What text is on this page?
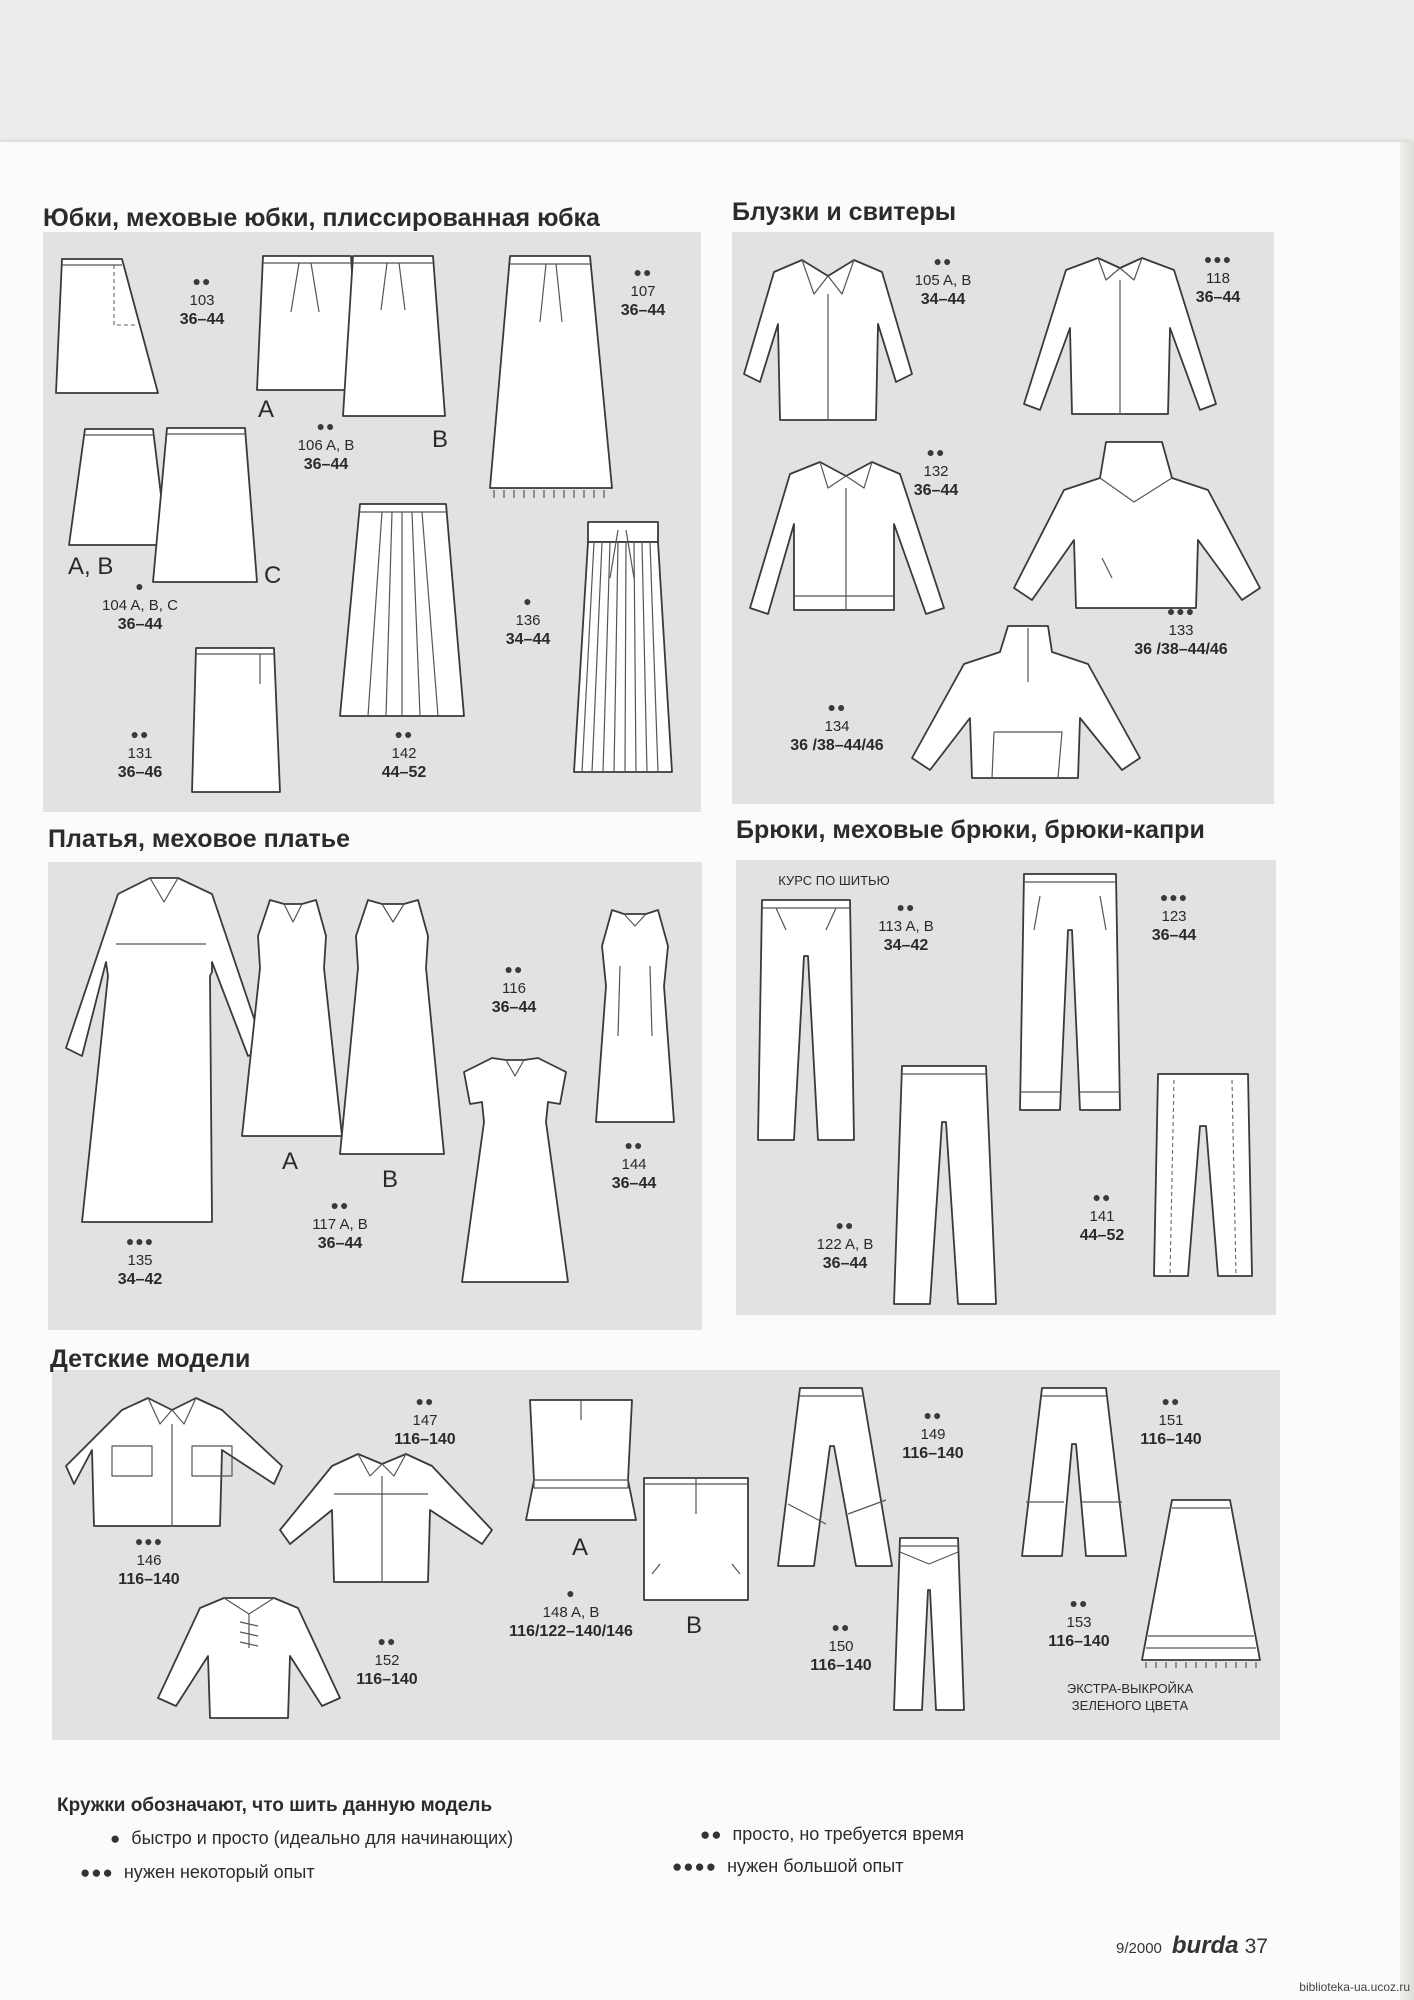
Юбки, меховые юбки, плиссированная юбка	Блузки и свитеры
Платья, меховое платье	Брюки, меховые брюки, брюки-капри
Детские модели
●●
103
36–44
A
B
●●
106 A, B
36–44
●●
107
36–44
A, B	C
●
104 A, B, C
36–44
●●
131
36–46
●●
142
44–52
●
136
34–44
●●
105 A, B
34–44
●●●
118
36–44
●●
132
36–44
●●●
133
36 /38–44/46
●●
134
36 /38–44/46
●●●
135
34–42
A
B
●●
117 A, B
36–44
●●
116
36–44
●●
144
36–44
КУРС ПО ШИТЬЮ
●●
113 A, B
34–42
●●●
123
36–44
●●
122 A, B
36–44
●●
141
44–52
●●●
146
116–140
●●
147
116–140
●●
152
116–140
A
B
●
148 A, B
116/122–140/146
●●
149
116–140
●●
150
116–140
●●
151
116–140
●●
153
116–140
ЭКСТРА-ВЫКРОЙКА ЗЕЛЕНОГО ЦВЕТА
Кружки обозначают, что шить данную модель
● быстро и просто (идеально для начинающих)	●● просто, но требуется время
●●● нужен некоторый опыт	●●●● нужен большой опыт
9/2000 burda 37
biblioteka-ua.ucoz.ru
